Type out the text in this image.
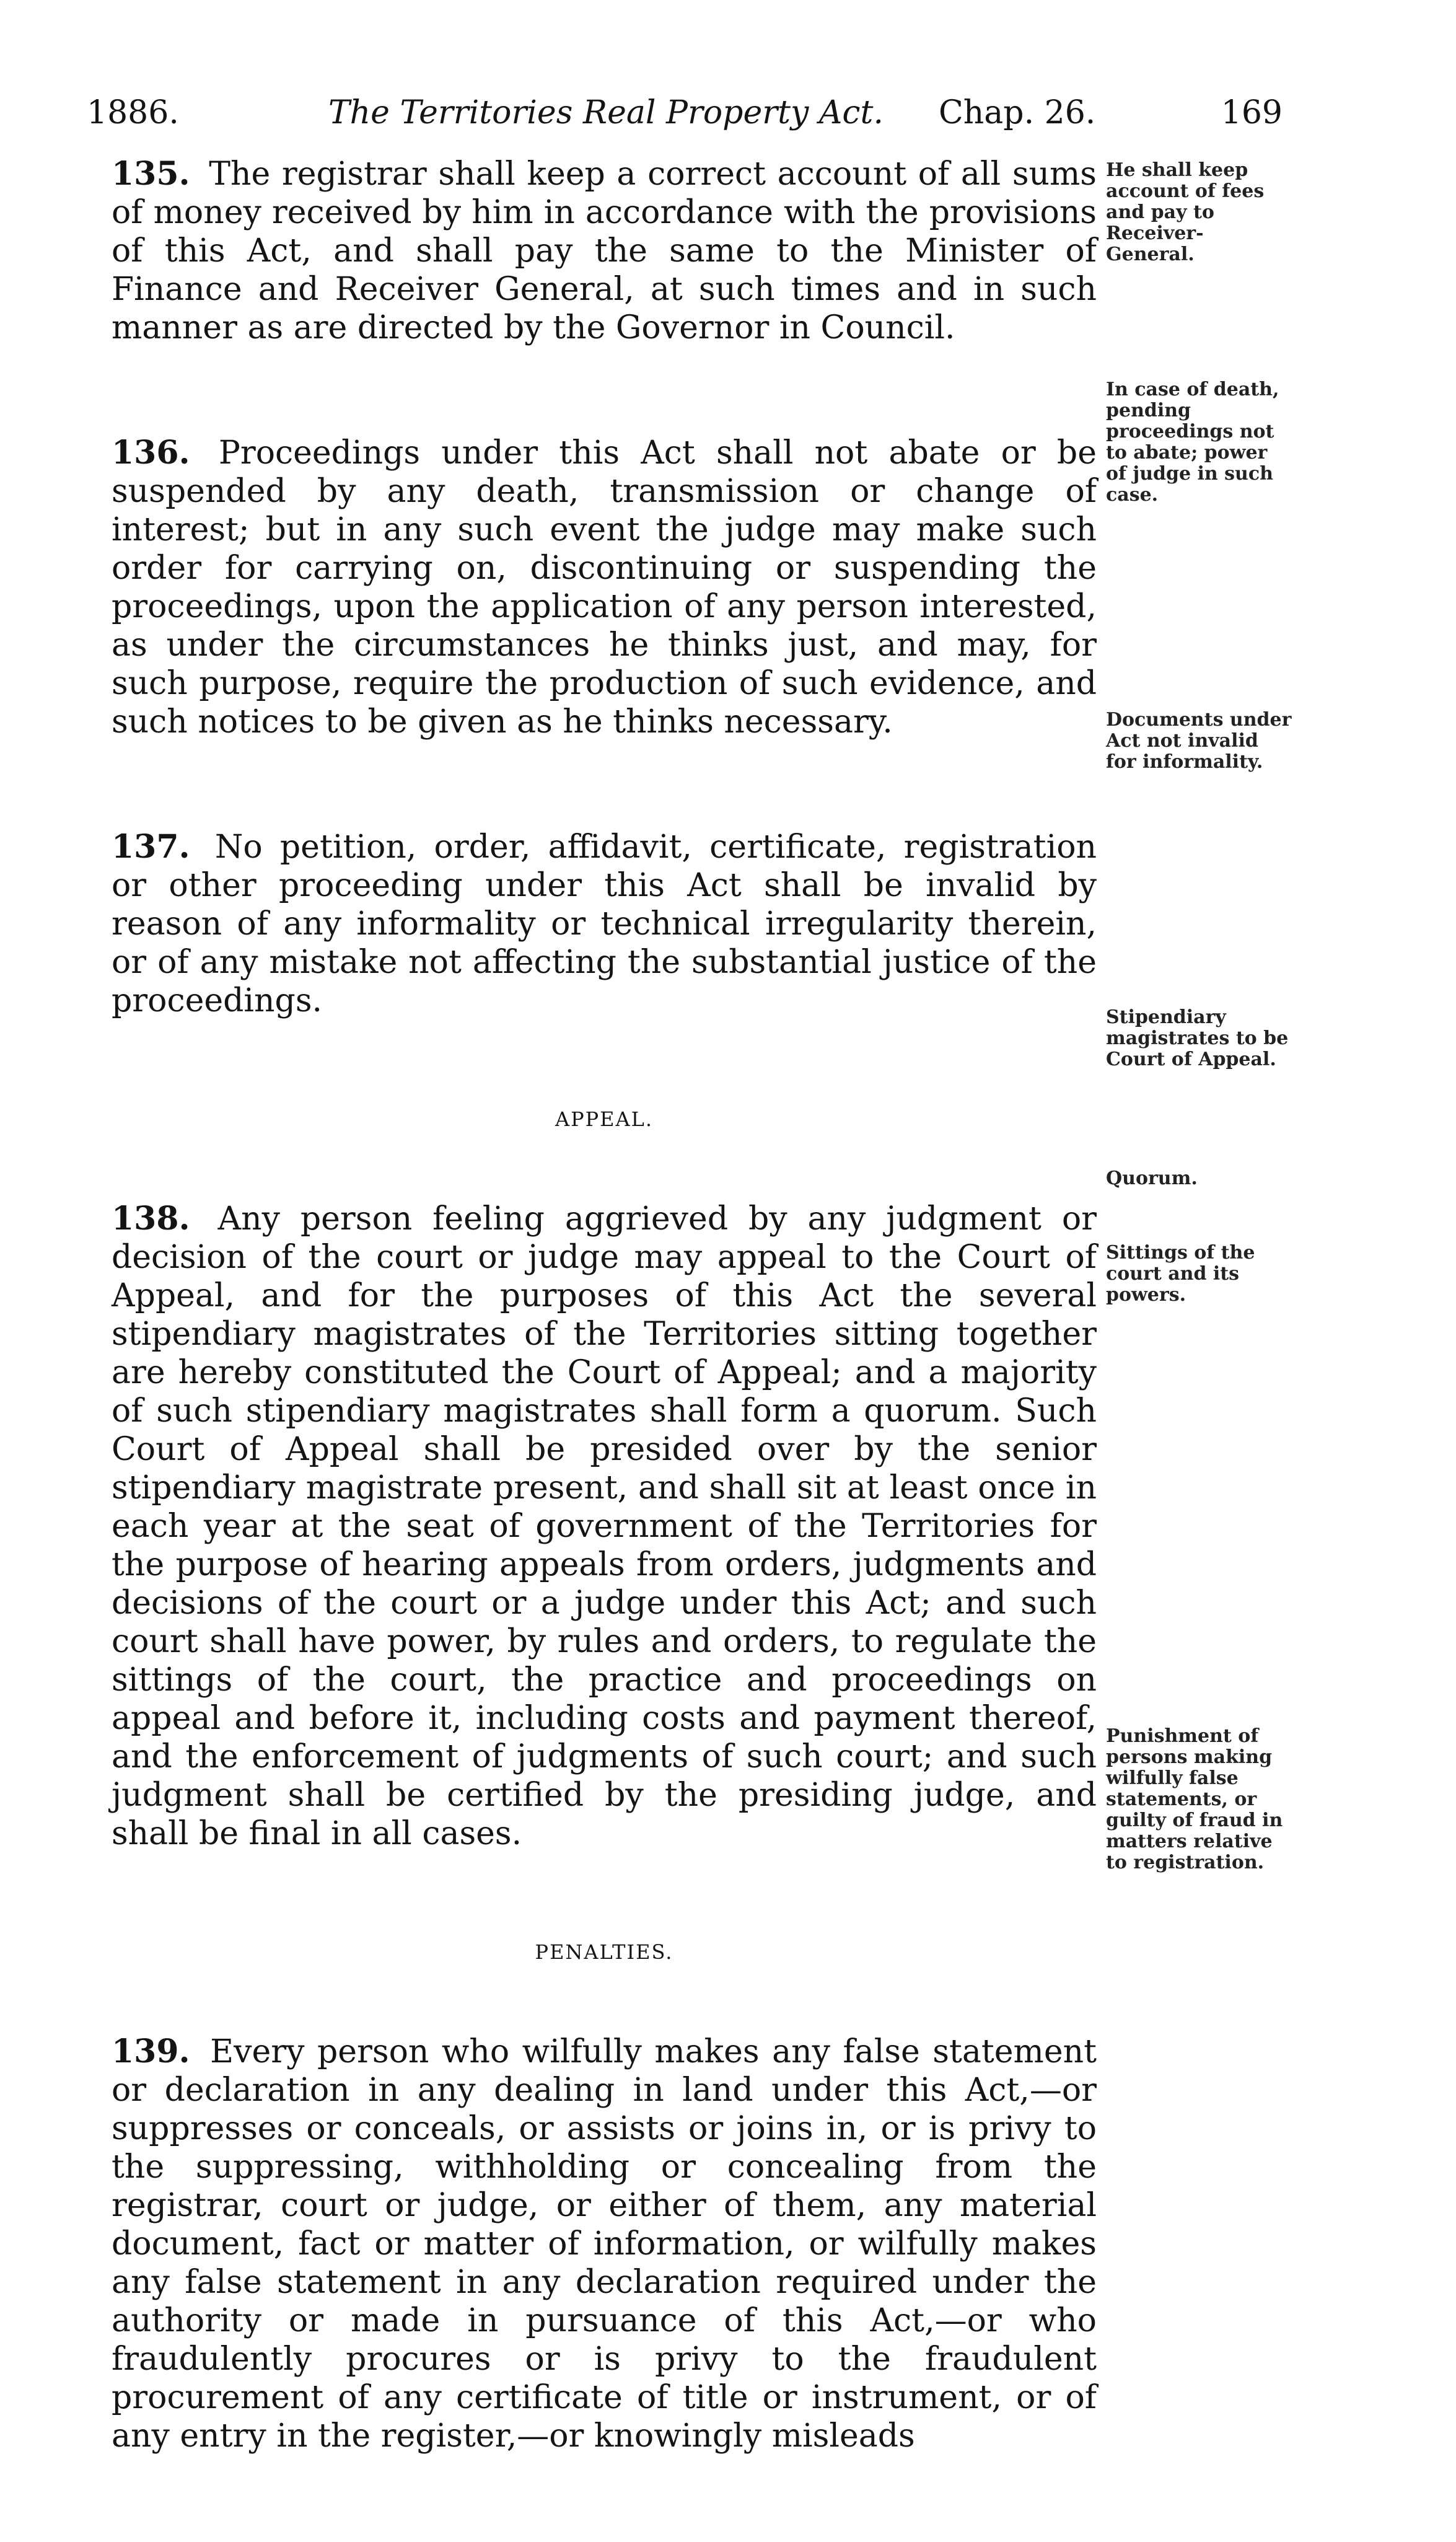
1886.	The Territories Real Property Act. Chap. 26.	169

135. The registrar shall keep a correct account of all sums of money received by him in accordance with the provisions of this Act, and shall pay the same to the Minister of Finance and Receiver General, at such times and in such manner as are directed by the Governor in Council.

136. Proceedings under this Act shall not abate or be suspended by any death, transmission or change of interest; but in any such event the judge may make such order for carrying on, discontinuing or suspending the proceedings, upon the application of any person interested, as under the circumstances he thinks just, and may, for such purpose, require the production of such evidence, and such notices to be given as he thinks necessary.

137. No petition, order, affidavit, certificate, registration or other proceeding under this Act shall be invalid by reason of any informality or technical irregularity therein, or of any mistake not affecting the substantial justice of the proceedings.

APPEAL.

138. Any person feeling aggrieved by any judgment or decision of the court or judge may appeal to the Court of Appeal, and for the purposes of this Act the several stipendiary magistrates of the Territories sitting together are hereby constituted the Court of Appeal; and a majority of such stipendiary magistrates shall form a quorum. Such Court of Appeal shall be presided over by the senior stipendiary magistrate present, and shall sit at least once in each year at the seat of government of the Territories for the purpose of hearing appeals from orders, judgments and decisions of the court or a judge under this Act; and such court shall have power, by rules and orders, to regulate the sittings of the court, the practice and proceedings on appeal and before it, including costs and payment thereof, and the enforcement of judgments of such court; and such judgment shall be certified by the presiding judge, and shall be final in all cases.

PENALTIES.

139. Every person who wilfully makes any false statement or declaration in any dealing in land under this Act,—or suppresses or conceals, or assists or joins in, or is privy to the suppressing, withholding or concealing from the registrar, court or judge, or either of them, any material document, fact or matter of information, or wilfully makes any false statement in any declaration required under the authority or made in pursuance of this Act,—or who fraudulently procures or is privy to the fraudulent procurement of any certificate of title or instrument, or of any entry in the register,—or knowingly misleads

He shall keep account of fees and pay to Receiver-General.
In case of death, pending proceedings not to abate; power of judge in such case.
Documents under Act not invalid for informality.
Stipendiary magistrates to be Court of Appeal.
Quorum.
Sittings of the court and its powers.
Punishment of persons making wilfully false statements, or guilty of fraud in matters relative to registration.
